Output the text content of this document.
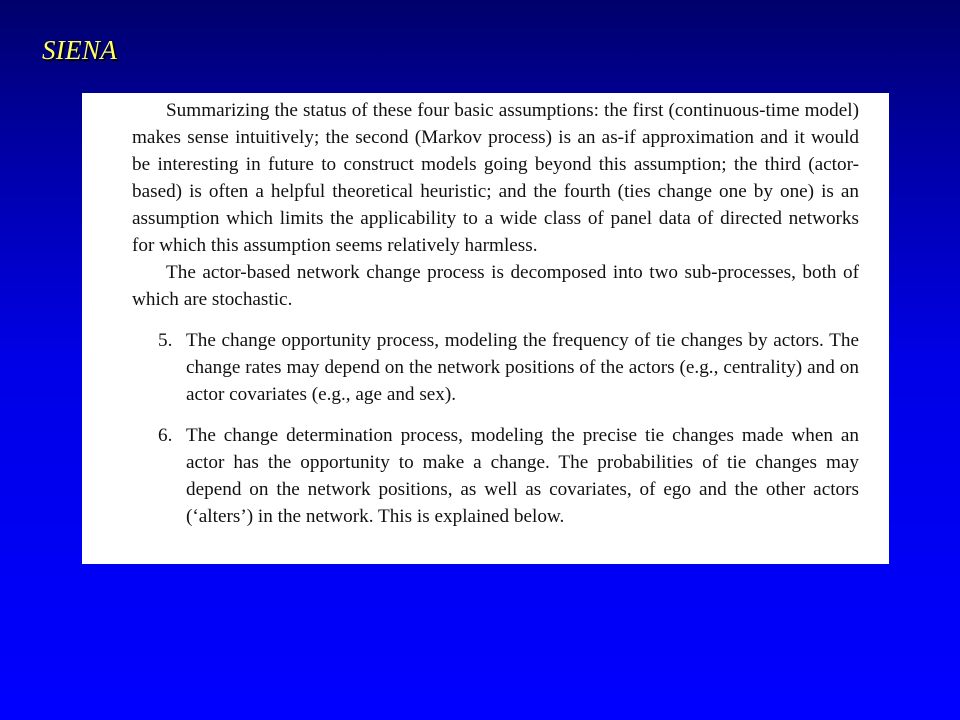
SIENA

Summarizing the status of these four basic assumptions: the first (continuous-time model) makes sense intuitively; the second (Markov process) is an as-if approximation and it would be interesting in future to construct models going beyond this assumption; the third (actor-based) is often a helpful theoretical heuristic; and the fourth (ties change one by one) is an assumption which limits the applicability to a wide class of panel data of directed networks for which this assumption seems relatively harmless.

The actor-based network change process is decomposed into two sub-processes, both of which are stochastic.

5. The change opportunity process, modeling the frequency of tie changes by actors. The change rates may depend on the network positions of the actors (e.g., centrality) and on actor covariates (e.g., age and sex).
6. The change determination process, modeling the precise tie changes made when an actor has the opportunity to make a change. The probabilities of tie changes may depend on the network positions, as well as covariates, of ego and the other actors (‘alters’) in the network. This is explained below.
